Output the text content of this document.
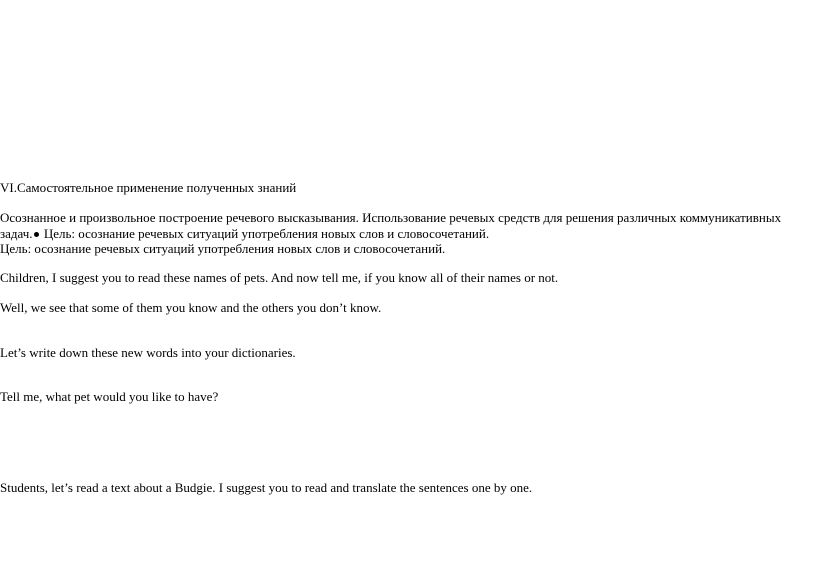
VI.Самостоятельное применение полученных знаний

Осознанное и произвольное построение речевого высказывания. Использование речевых средств для решения различных коммуникативных

задач. Цель: осознание речевых ситуаций употребления новых слов и словосочетаний.

Цель: осознание речевых ситуаций употребления новых слов и словосочетаний.

Children, I suggest you to read these names of pets. And now tell me, if you know all of their names or not.

Well, we see that some of them you know and the others you don’t know.

Let’s write down these new words into your dictionaries.

Tell me, what pet would you like to have?

Students, let’s read a text about a Budgie. I suggest you to read and translate the sentences one by one.
